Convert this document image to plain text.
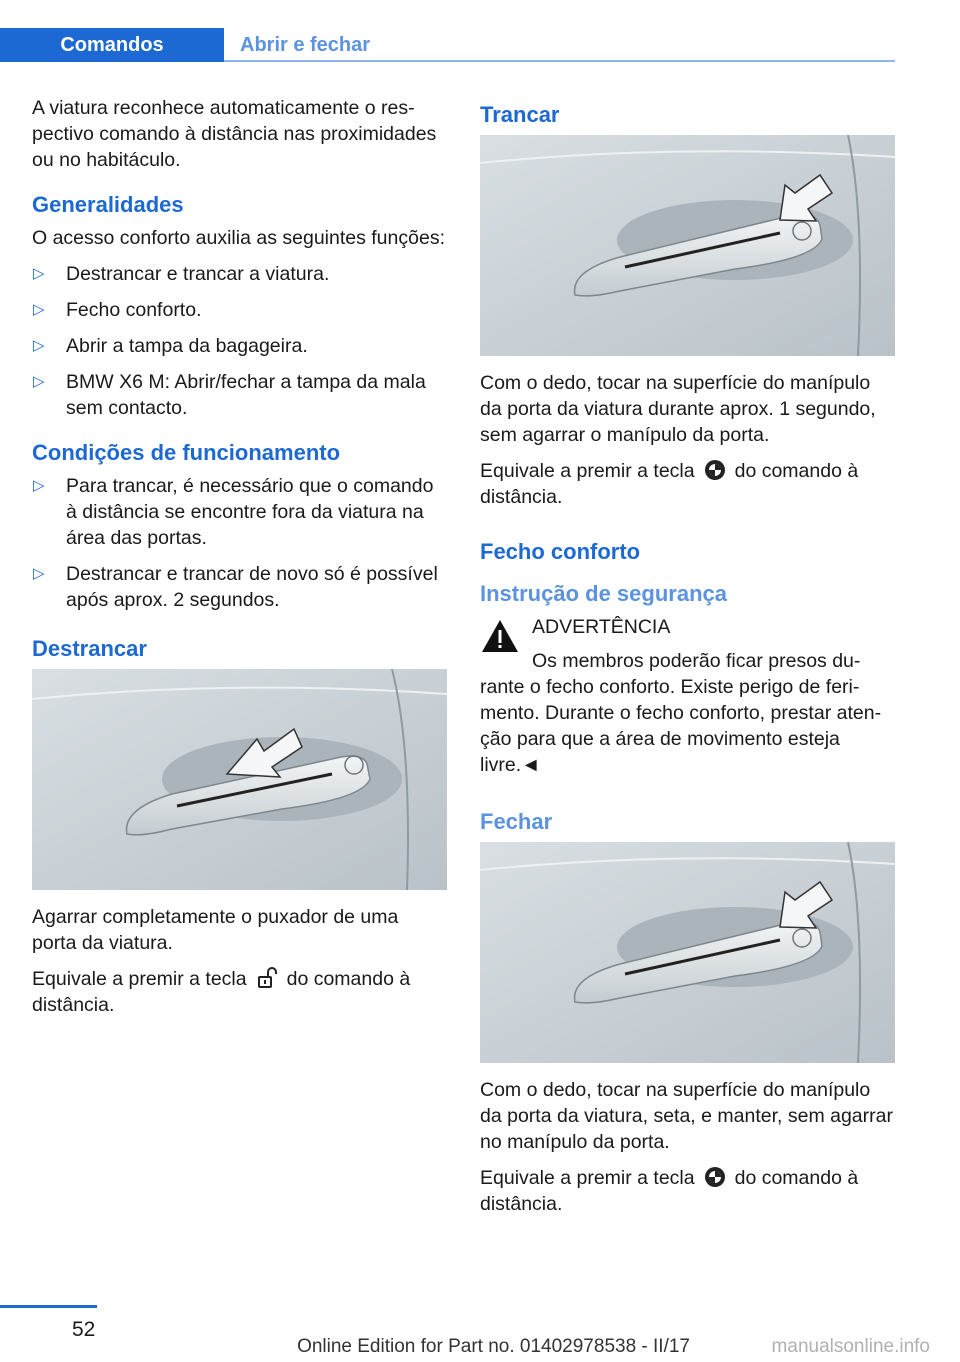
Comandos	Abrir e fechar

A viatura reconhece automaticamente o respectivo comando à distância nas proximidades ou no habitáculo.

Generalidades

O acesso conforto auxilia as seguintes funções:

▷ Destrancar e trancar a viatura.
▷ Fecho conforto.
▷ Abrir a tampa da bagageira.
▷ BMW X6 M: Abrir/fechar a tampa da mala sem contacto.
Condições de funcionamento
▷ Para trancar, é necessário que o comando à distância se encontre fora da viatura na área das portas.
▷ Destrancar e trancar de novo só é possível após aprox. 2 segundos.
Destrancar

Agarrar completamente o puxador de uma porta da viatura.

Equivale a premir a tecla do comando à distância.

Trancar

Com o dedo, tocar na superfície do manípulo da porta da viatura durante aprox. 1 segundo, sem agarrar o manípulo da porta.

Equivale a premir a tecla do comando à distância.

Fecho conforto
Instrução de segurança
ADVERTÊNCIA
Os membros poderão ficar presos durante o fecho conforto. Existe perigo de ferimento. Durante o fecho conforto, prestar atenção para que a área de movimento esteja livre.◄
Fechar

Com o dedo, tocar na superfície do manípulo da porta da viatura, seta, e manter, sem agarrar no manípulo da porta.

Equivale a premir a tecla do comando à distância.

52
Online Edition for Part no. 01402978538 - II/17	manualsonline.info
